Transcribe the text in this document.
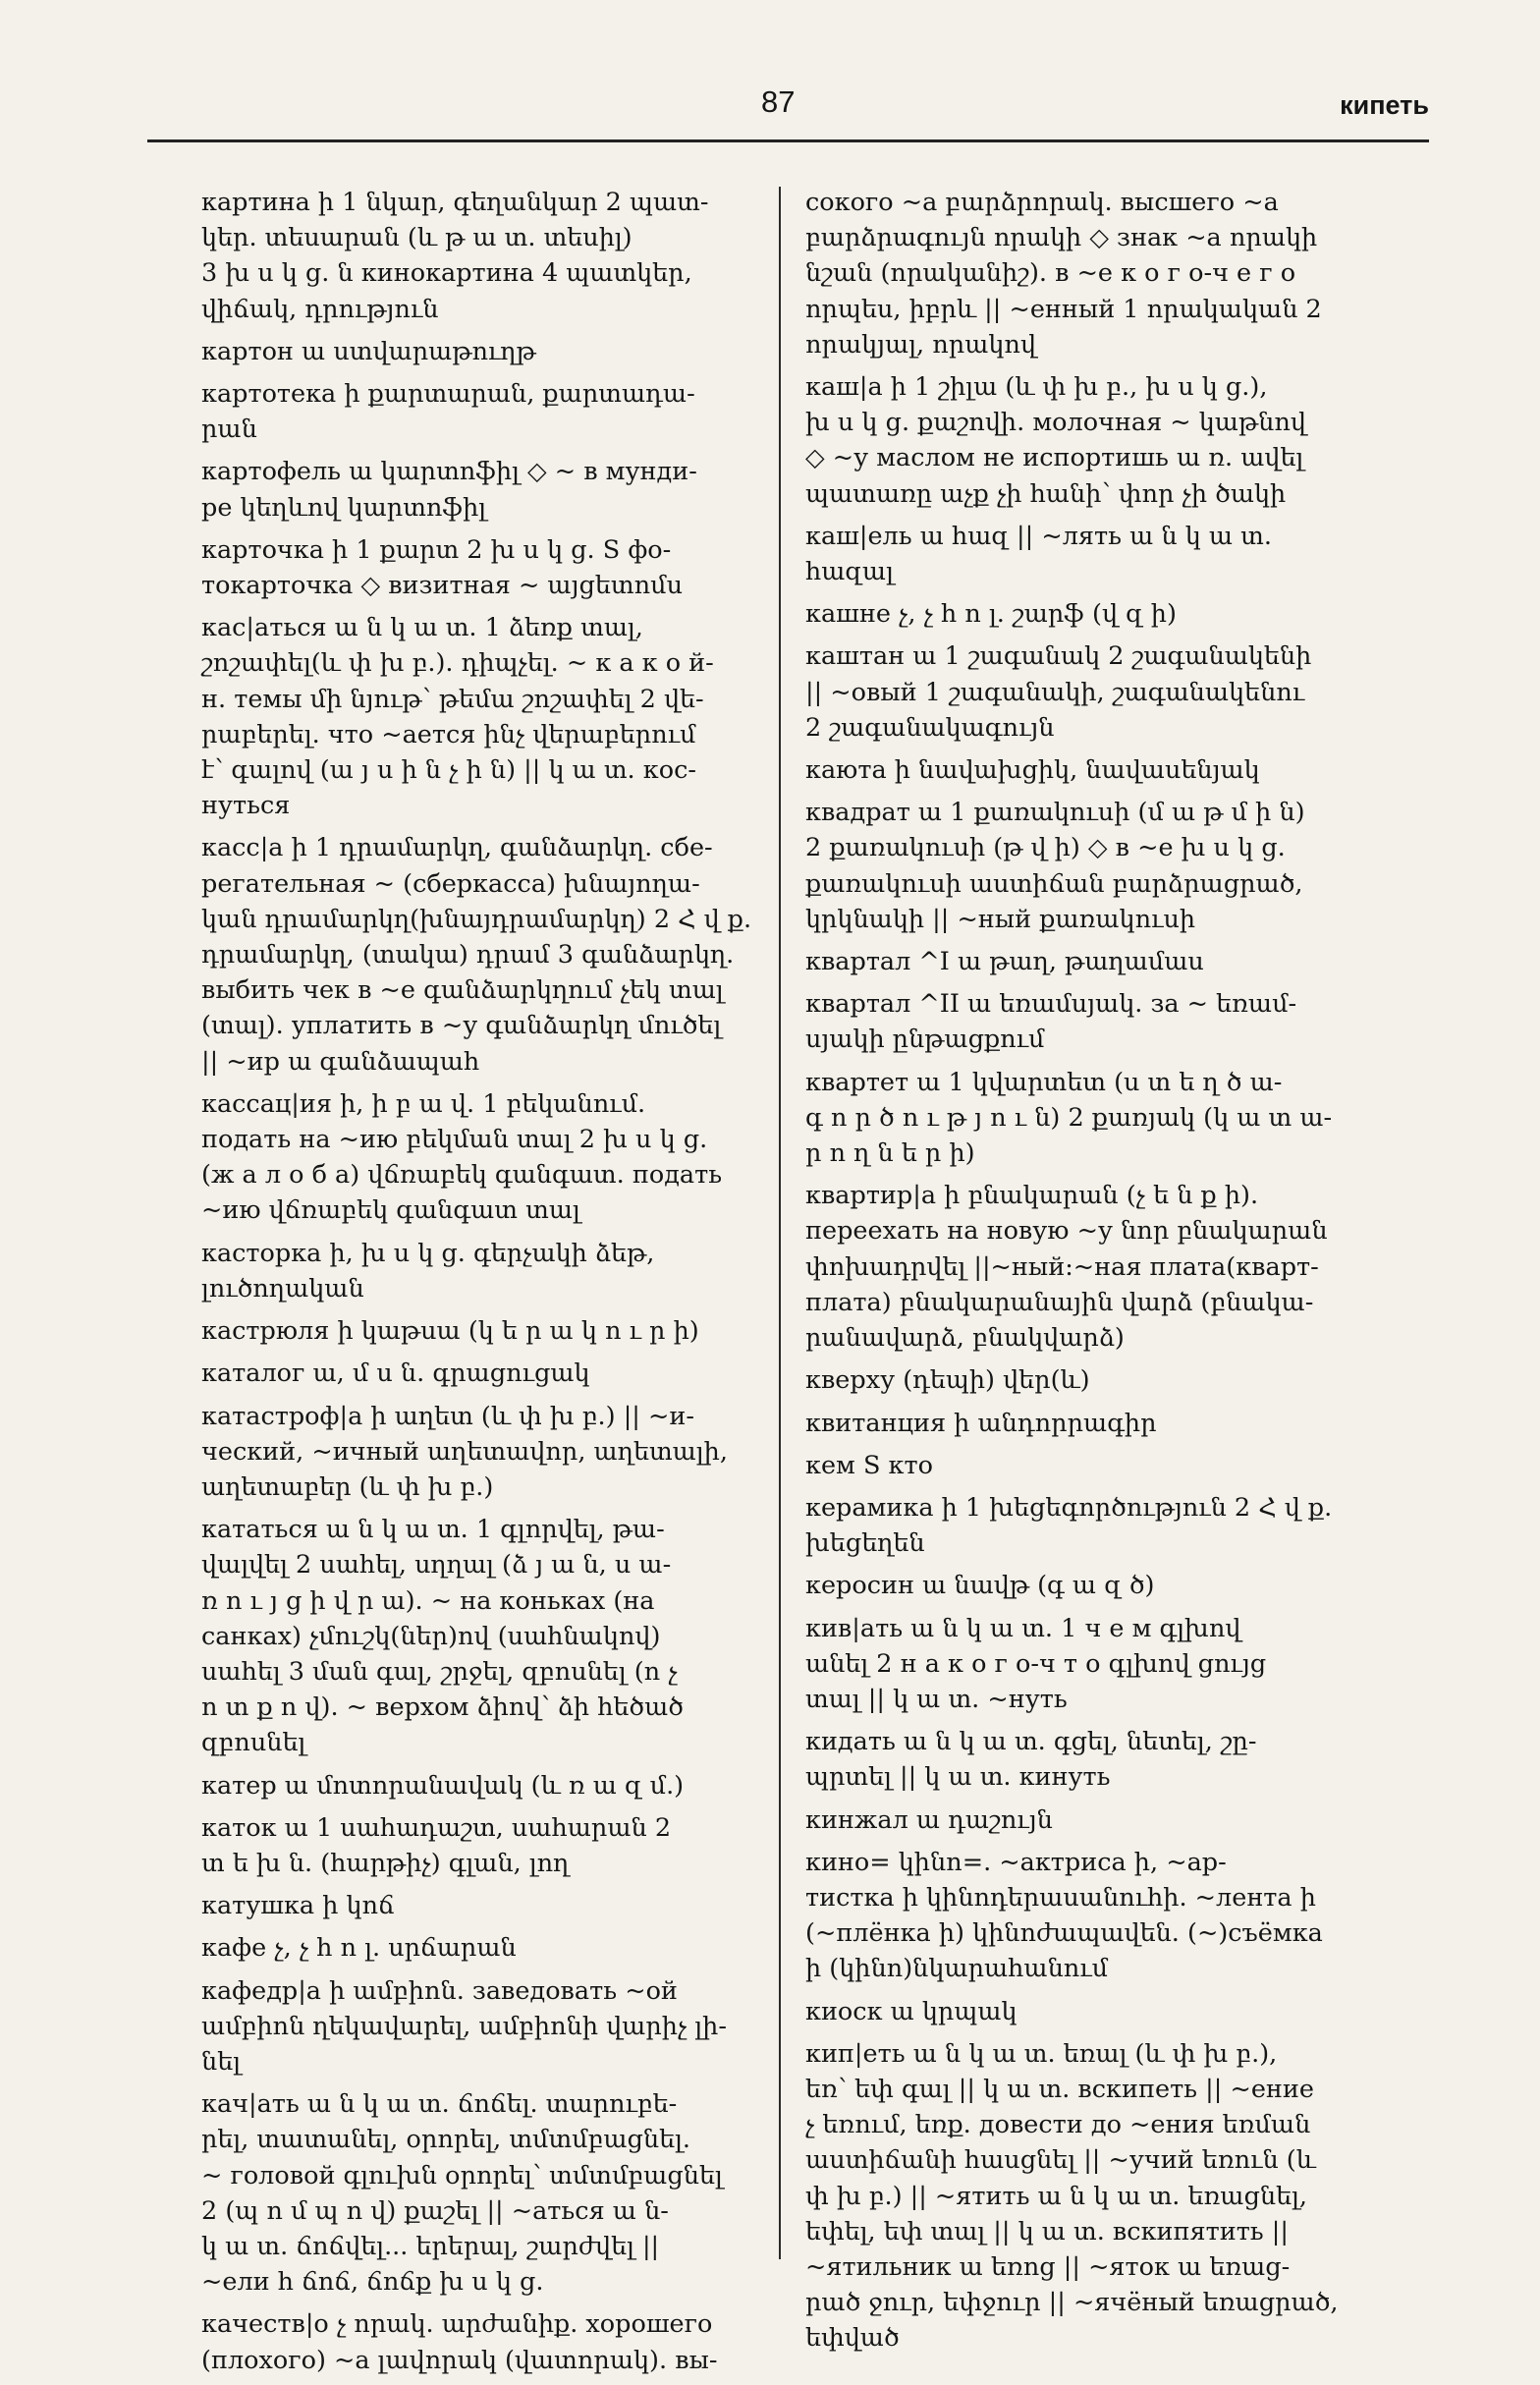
87	кипеть
картина ի 1 նկար, գեղանկար 2 պատ-
կեր. տեսարան (և թ ա տ. տեսիլ)
3 խ ս կ ց. ն кинокартина 4 պատկեր,
վիճակ, դրություն
картон ա ստվարաթուղթ
картотека ի քարտարան, քարտադա-
րան
картофель ա կարտոֆիլ ◇ ~ в мунди-
ре կեղևով կարտոֆիլ
карточка ի 1 քարտ 2 խ ս կ ց. S фо-
токарточка ◇ визитная ~ այցետոմս
кас|аться ա ն կ ա տ. 1 ձեռք տալ,
շոշափել(և փ խ բ.). դիպչել. ~ к а к о й-
н. темы մի նյութ՝ թեմա շոշափել 2 վե-
րաբերել. что ~ается ինչ վերաբերում
է՝ գալով (ա յ ս ի ն չ ի ն) || կ ա տ. кос-
нуться
касс|а ի 1 դրամարկղ, գանձարկղ. сбе-
регательная ~ (сберкасса) խնայողա-
կան դրամարկղ(խնայդրամարկղ) 2 Հ վ ք.
դրամարկղ, (տակա) դրամ 3 գանձարկղ.
выбить чек в ~е գանձարկղում չեկ տալ
(տալ). уплатить в ~у գանձարկղ մուծել
|| ~ир ա գանձապահ
кассац|ия ի, ի բ ա վ. 1 բեկանում.
подать на ~ию բեկման տալ 2 խ ս կ ց.
(ж а л о б а) վճռաբեկ գանգատ. подать
~ию վճռաբեկ գանգատ տալ
касторка ի, խ ս կ ց. գերչակի ձեթ,
լուծողական
кастрюля ի կաթսա (կ ե ր ա կ ո ւ ր ի)
каталог ա, մ ս ն. գրացուցակ
катастроф|а ի աղետ (և փ խ բ.) || ~и-
ческий, ~ичный աղետավոր, աղետալի,
աղետաբեր (և փ խ բ.)
кататься ա ն կ ա տ. 1 գլորվել, թա-
վալվել 2 սահել, սղղալ (ձ յ ա ն, ս ա-
ռ ո ւ յ ց ի վ ր ա). ~ на коньках (на
санках) չմուշկ(ներ)ով (սահնակով)
սահել 3 ման գալ, շրջել, զբոսնել (ո չ
ո տ ք ո վ). ~ верхом ձիով՝ ձի հեծած
զբոսնել
катер ա մոտորանավակ (և ռ ա զ մ.)
каток ա 1 սահադաշտ, սահարան 2
տ ե խ ն. (հարթիչ) գլան, լող
катушка ի կոճ
кафе չ, չ հ ո լ. սրճարան
кафедр|а ի ամբիոն. заведовать ~ой
ամբիոն ղեկավարել, ամբիոնի վարիչ լի-
նել
кач|ать ա ն կ ա տ. ճոճել. տարուբե-
րել, տատանել, օրորել, տմտմբացնել.
~ головой գլուխն օրորել՝ տմտմբացնել
2 (պ ո մ պ ո վ) քաշել || ~аться ա ն-
կ ա տ. ճոճվել... երերալ, շարժվել ||
~ели հ ճոճ, ճոճք խ ս կ ց.
качеств|о չ որակ. արժանիք. хорошего
(плохого) ~а լավորակ (վատորակ). вы-
сокого ~а բարձրորակ. высшего ~а
բարձրագույն որակի ◇ знак ~а որակի
նշան (որականիշ). в ~е к о г о-ч е г о
որպես, իբրև || ~енный 1 որակական 2
որակյալ, որակով
каш|а ի 1 շիլա (և փ խ բ., խ ս կ ց.),
խ ս կ ց. քաշովի. молочная ~ կաթնով
◇ ~у маслом не испортишь ա ռ. ավել
պատառը աչք չի հանի՝ փոր չի ծակի
каш|ель ա հազ || ~лять ա ն կ ա տ.
հազալ
кашне չ, չ հ ո լ. շարֆ (վ զ ի)
каштан ա 1 շագանակ 2 շագանակենի
|| ~овый 1 շագանակի, շագանակենու
2 շագանակագույն
каюта ի նավախցիկ, նավասենյակ
квадрат ա 1 քառակուսի (մ ա թ մ ի ն)
2 քառակուսի (թ վ ի) ◇ в ~е խ ս կ ց.
քառակուսի աստիճան բարձրացրած,
կրկնակի || ~ный քառակուսի
квартал ^I ա թաղ, թաղամաս
квартал ^II ա եռամսյակ. за ~ եռամ-
սյակի ընթացքում
квартет ա 1 կվարտետ (ս տ ե ղ ծ ա-
գ ո ր ծ ո ւ թ յ ո ւ ն) 2 քառյակ (կ ա տ ա-
ր ո ղ ն ե ր ի)
квартир|а ի բնակարան (չ ե ն ք ի).
переехать на новую ~у նոր բնակարան
փոխադրվել ||~ный:~ная плата(кварт-
плата) բնակարանային վարձ (բնակա-
րանավարձ, բնակվարձ)
кверху (դեպի) վեր(և)
квитанция ի անդորրագիր
кем S кто
керамика ի 1 խեցեգործություն 2 Հ վ ք.
խեցեղեն
керосин ա նավթ (գ ա զ ծ)
кив|ать ա ն կ ա տ. 1 ч е м գլխով
անել 2 н а к о г о-ч т о գլխով ցույց
տալ || կ ա տ. ~нуть
кидать ա ն կ ա տ. գցել, նետել, շը-
պրտել || կ ա տ. кинуть
кинжал ա դաշույն
кино= կինո=. ~актриса ի, ~ар-
тистка ի կինոդերասանուհի. ~лента ի
(~плёнка ի) կինոժապավեն. (~)съёмка
ի (կինո)նկարահանում
киоск ա կրպակ
кип|еть ա ն կ ա տ. եռալ (և փ խ բ.),
եռ՝ եփ գալ || կ ա տ. вскипеть || ~ение
չ եռում, եռք. довести до ~ения եռման
աստիճանի հասցնել || ~учий եռուն (և
փ խ բ.) || ~ятить ա ն կ ա տ. եռացնել,
եփել, եփ տալ || կ ա տ. вскипятить ||
~ятильник ա եռոց || ~яток ա եռաց-
րած ջուր, եփջուր || ~ячёный եռացրած,
եփված
